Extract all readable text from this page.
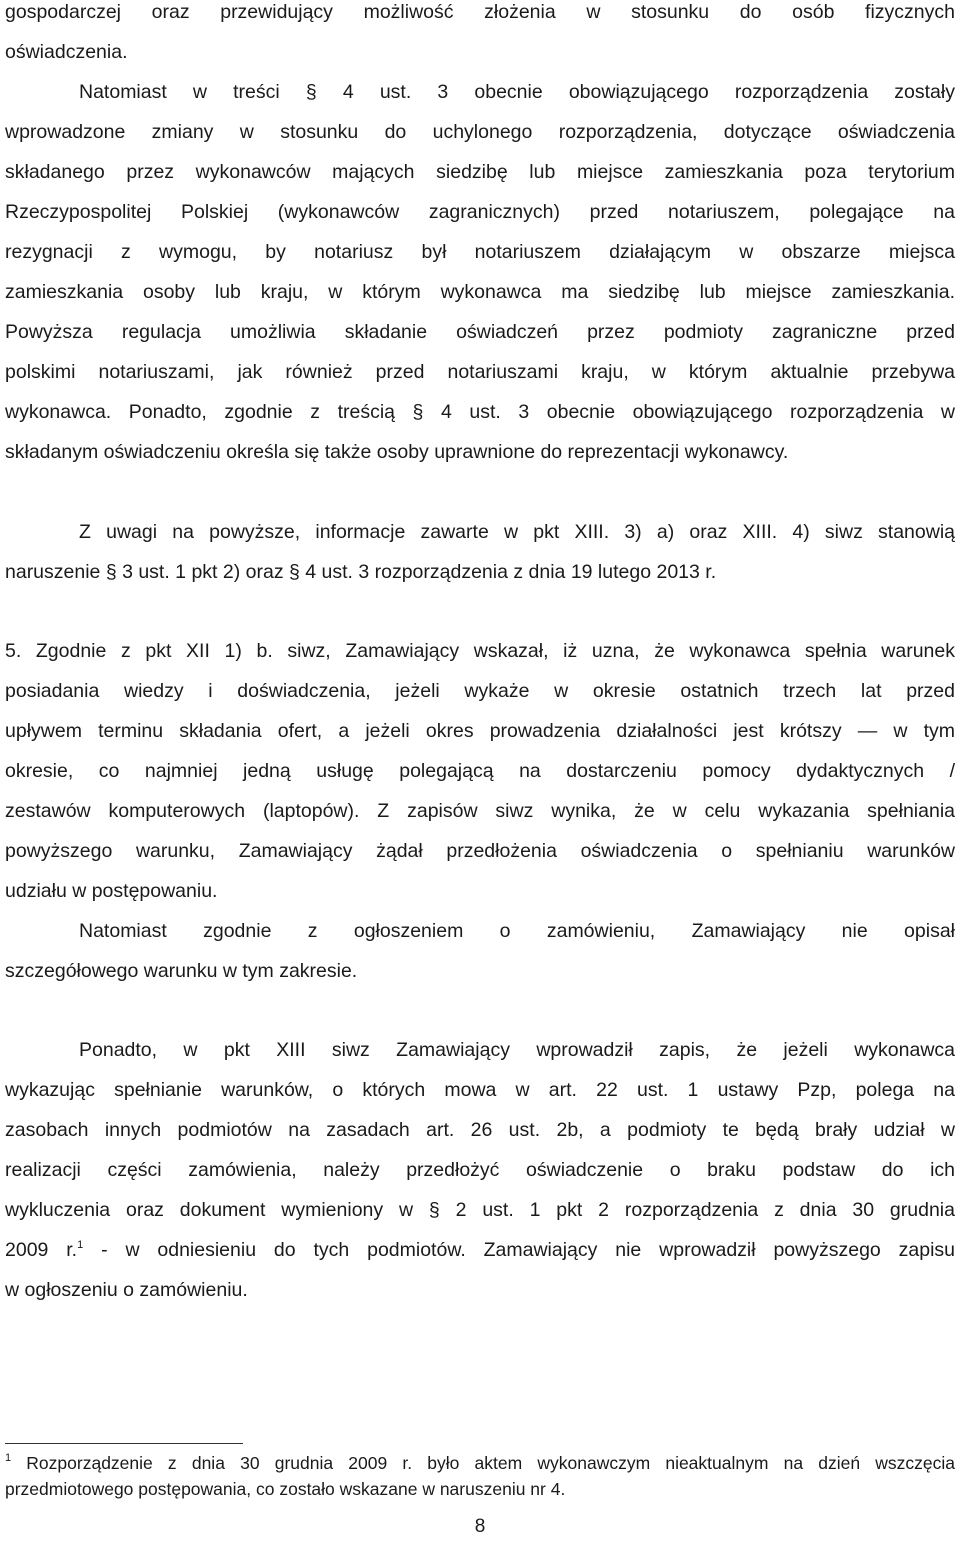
gospodarczej oraz przewidujący możliwość złożenia w stosunku do osób fizycznych
oświadczenia.
Natomiast w treści § 4 ust. 3 obecnie obowiązującego rozporządzenia zostały
wprowadzone zmiany w stosunku do uchylonego rozporządzenia, dotyczące oświadczenia
składanego przez wykonawców mających siedzibę lub miejsce zamieszkania poza terytorium
Rzeczypospolitej Polskiej (wykonawców zagranicznych) przed notariuszem, polegające na
rezygnacji z wymogu, by notariusz był notariuszem działającym w obszarze miejsca
zamieszkania osoby lub kraju, w którym wykonawca ma siedzibę lub miejsce zamieszkania.
Powyższa regulacja umożliwia składanie oświadczeń przez podmioty zagraniczne przed
polskimi notariuszami, jak również przed notariuszami kraju, w którym aktualnie przebywa
wykonawca. Ponadto, zgodnie z treścią § 4 ust. 3 obecnie obowiązującego rozporządzenia w
składanym oświadczeniu określa się także osoby uprawnione do reprezentacji wykonawcy.
Z uwagi na powyższe, informacje zawarte w pkt XIII. 3) a) oraz XIII. 4) siwz stanowią
naruszenie § 3 ust. 1 pkt 2) oraz § 4 ust. 3 rozporządzenia z dnia 19 lutego 2013 r.
5. Zgodnie z pkt XII 1) b. siwz, Zamawiający wskazał, iż uzna, że wykonawca spełnia warunek
posiadania wiedzy i doświadczenia, jeżeli wykaże w okresie ostatnich trzech lat przed
upływem terminu składania ofert, a jeżeli okres prowadzenia działalności jest krótszy — w tym
okresie, co najmniej jedną usługę polegającą na dostarczeniu pomocy dydaktycznych /
zestawów komputerowych (laptopów). Z zapisów siwz wynika, że w celu wykazania spełniania
powyższego warunku, Zamawiający żądał przedłożenia oświadczenia o spełnianiu warunków
udziału w postępowaniu.
Natomiast zgodnie z ogłoszeniem o zamówieniu, Zamawiający nie opisał
szczegółowego warunku w tym zakresie.
Ponadto, w pkt XIII siwz Zamawiający wprowadził zapis, że jeżeli wykonawca
wykazując spełnianie warunków, o których mowa w art. 22 ust. 1 ustawy Pzp, polega na
zasobach innych podmiotów na zasadach art. 26 ust. 2b, a podmioty te będą brały udział w
realizacji części zamówienia, należy przedłożyć oświadczenie o braku podstaw do ich
wykluczenia oraz dokument wymieniony w § 2 ust. 1 pkt 2 rozporządzenia z dnia 30 grudnia
2009 r.$^1$ - w odniesieniu do tych podmiotów. Zamawiający nie wprowadził powyższego zapisu
w ogłoszeniu o zamówieniu.
$^1$ Rozporządzenie z dnia 30 grudnia 2009 r. było aktem wykonawczym nieaktualnym na dzień wszczęcia
przedmiotowego postępowania, co zostało wskazane w naruszeniu nr 4.
8
